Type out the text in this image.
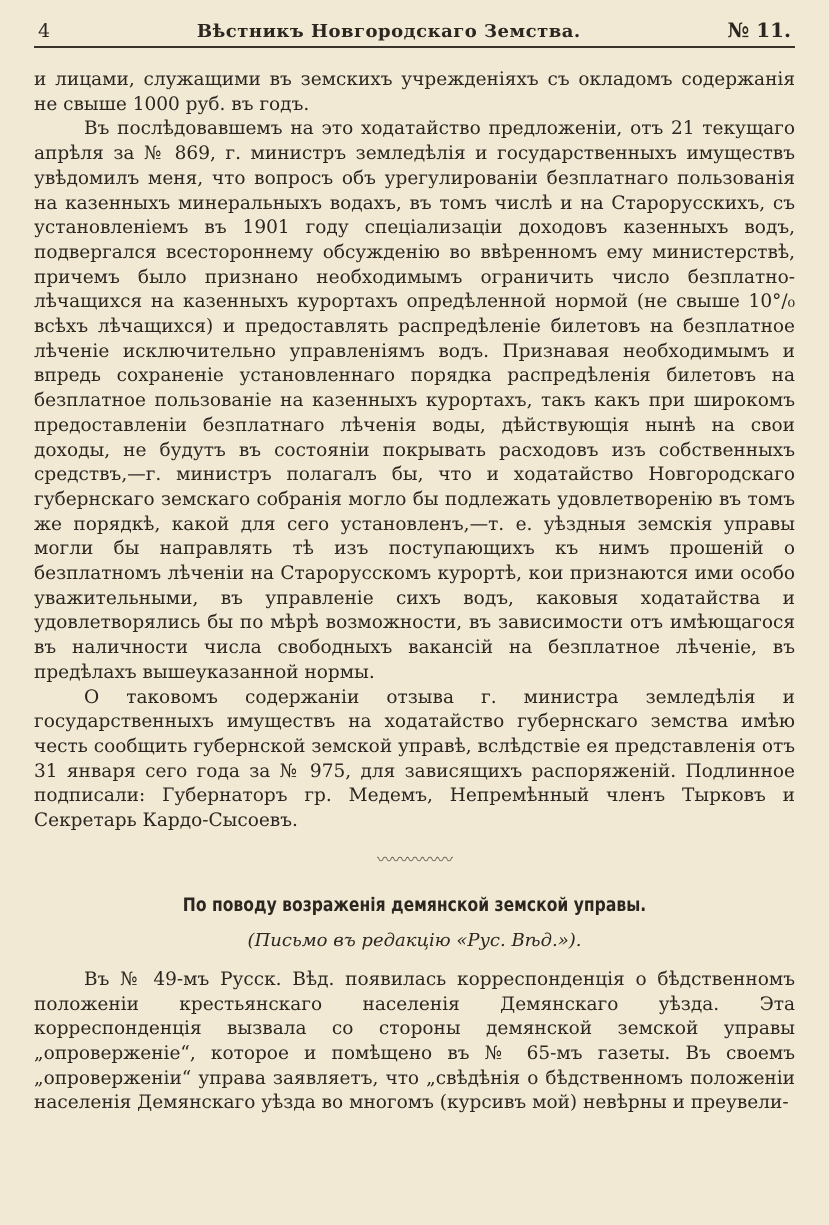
4	Вѣстникъ Новгородскаго Земства.	№ 11.

и лицами, служащими въ земскихъ учрежденіяхъ съ окладомъ содержанія не свыше 1000 руб. въ годъ.

Въ послѣдовавшемъ на это ходатайство предложеніи, отъ 21 текущаго апрѣля за № 869, г. министръ земледѣлія и государственныхъ имуществъ увѣдомилъ меня, что вопросъ объ урегулированіи безплатнаго пользованія на казенныхъ минеральныхъ водахъ, въ томъ числѣ и на Старорусскихъ, съ установленіемъ въ 1901 году спеціализаціи доходовъ казенныхъ водъ, подвергался всестороннему обсужденію во ввѣренномъ ему министерствѣ, причемъ было признано необходимымъ ограничить число безплатно-лѣчащихся на казенныхъ курортахъ опредѣленной нормой (не свыше 10°/₀ всѣхъ лѣчащихся) и предоставлять распредѣленіе билетовъ на безплатное лѣченіе исключительно управленіямъ водъ. Признавая необходимымъ и впредь сохраненіе установленнаго порядка распредѣленія билетовъ на безплатное пользованіе на казенныхъ курортахъ, такъ какъ при широкомъ предоставленіи безплатнаго лѣченія воды, дѣйствующія нынѣ на свои доходы, не будутъ въ состояніи покрывать расходовъ изъ собственныхъ средствъ,—г. министръ полагалъ бы, что и ходатайство Новгородскаго губернскаго земскаго собранія могло бы подлежать удовлетворенію въ томъ же порядкѣ, какой для сего установленъ,—т. е. уѣздныя земскія управы могли бы направлять тѣ изъ поступающихъ къ нимъ прошеній о безплатномъ лѣченіи на Старорусскомъ курортѣ, кои признаются ими особо уважительными, въ управленіе сихъ водъ, каковыя ходатайства и удовлетворялись бы по мѣрѣ возможности, въ зависимости отъ имѣющагося въ наличности числа свободныхъ вакансій на безплатное лѣченіе, въ предѣлахъ вышеуказанной нормы.

О таковомъ содержаніи отзыва г. министра земледѣлія и государственныхъ имуществъ на ходатайство губернскаго земства имѣю честь сообщить губернской земской управѣ, вслѣдствіе ея представленія отъ 31 января сего года за № 975, для зависящихъ распоряженій. Подлинное подписали: Губернаторъ гр. Медемъ, Непремѣнный членъ Тырковъ и Секретарь Кардо-Сысоевъ.

〰〰〰〰〰
По поводу возраженія демянской земской управы.
(Письмо въ редакцію «Рус. Вѣд.»).

Въ № 49-мъ Русск. Вѣд. появилась корреспонденція о бѣдственномъ положеніи крестьянскаго населенія Демянскаго уѣзда. Эта корреспонденція вызвала со стороны демянской земской управы „опроверженіе“, которое и помѣщено въ № 65-мъ газеты. Въ своемъ „опроверженіи“ управа заявляетъ, что „свѣдѣнія о бѣдственномъ положеніи населенія Демянскаго уѣзда во многомъ (курсивъ мой) невѣрны и преувели-
